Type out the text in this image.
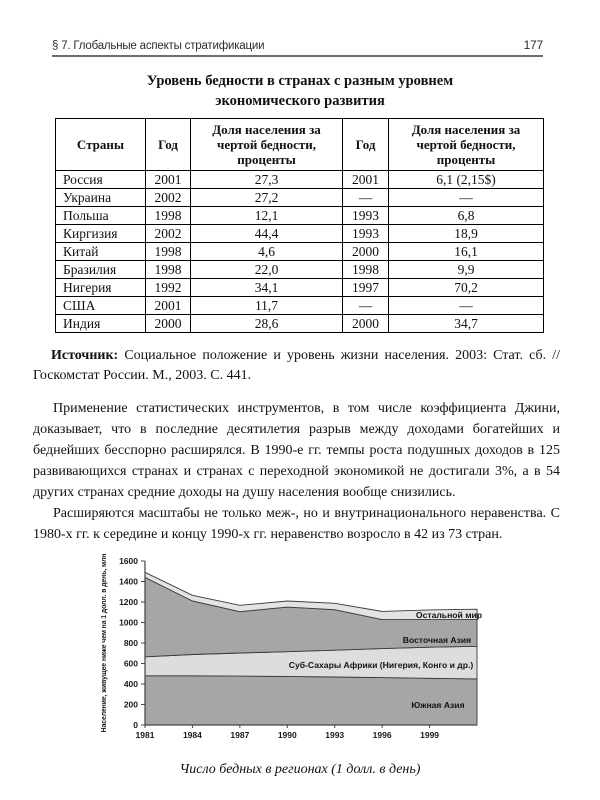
§ 7. Глобальные аспекты стратификации	177
Уровень бедности в странах с разным уровнем
экономического развития
Страны	Год	Доля населения за чертой бедности, проценты	Год	Доля населения за чертой бедности, проценты
Россия	2001	27,3	2001	6,1 (2,15$)
Украина	2002	27,2	—	—
Польша	1998	12,1	1993	6,8
Киргизия	2002	44,4	1993	18,9
Китай	1998	4,6	2000	16,1
Бразилия	1998	22,0	1998	9,9
Нигерия	1992	34,1	1997	70,2
США	2001	11,7	—	—
Индия	2000	28,6	2000	34,7

Источник: Социальное положение и уровень жизни населения. 2003: Стат. сб. // Госкомстат России. М., 2003. С. 441.

Применение статистических инструментов, в том числе коэффициента Джини, доказывает, что в последние десятилетия разрыв между доходами богатейших и беднейших бесспорно расширялся. В 1990-е гг. темпы роста подушных доходов в 125 развивающихся странах и странах с переходной экономикой не достигали 3%, а в 54 других странах средние доходы на душу населения вообще снизились.

Расширяются масштабы не только меж-, но и внутринационального неравенства. С 1980-х гг. к середине и концу 1990-х гг. неравенство возросло в 42 из 73 стран.

Южная Азия
Суб-Сахары Африки (Нигерия, Конго и др.)
Восточная Азия
Остальной мир
0
200
400
600
800
1000
1200
1400
1600
1981	1984	1987	1990	1993	1996	1999
Население, живущее ниже чем на 1 долл. в день, млн
Число бедных в регионах (1 долл. в день)
